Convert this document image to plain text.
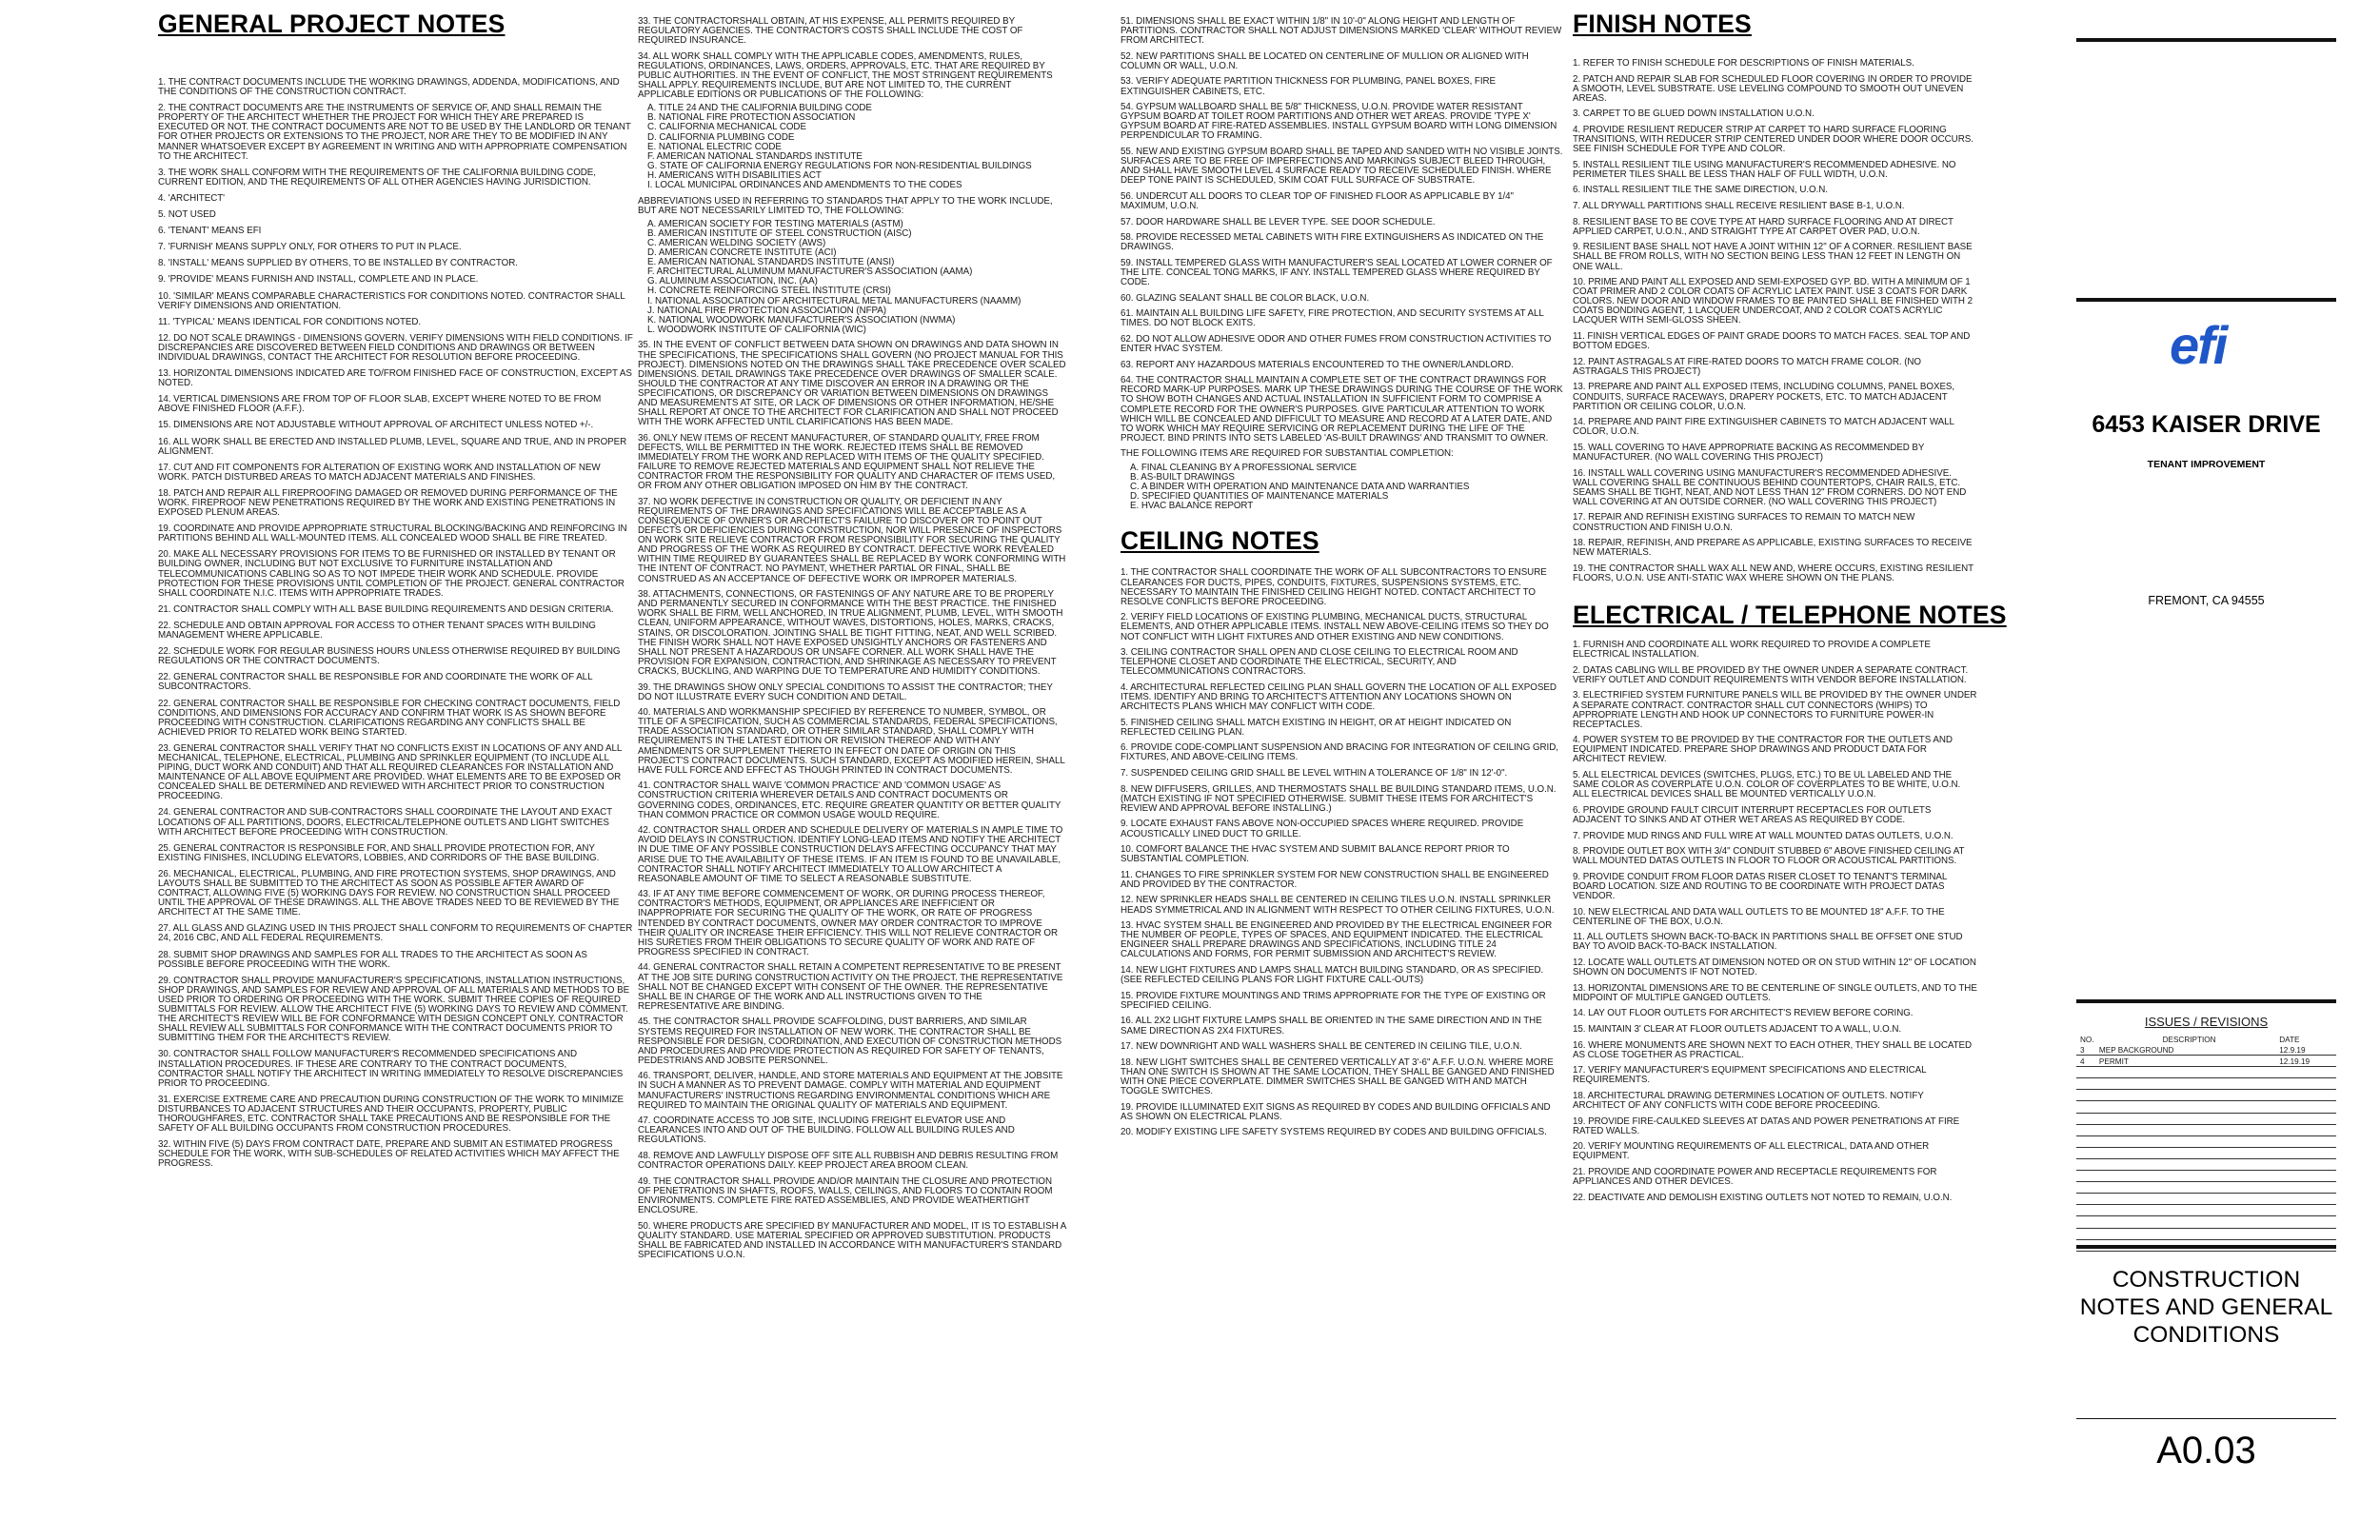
GENERAL PROJECT NOTES
1. THE CONTRACT DOCUMENTS INCLUDE THE WORKING DRAWINGS, ADDENDA, MODIFICATIONS, AND THE CONDITIONS OF THE CONSTRUCTION CONTRACT.
2. THE CONTRACT DOCUMENTS ARE THE INSTRUMENTS OF SERVICE OF, AND SHALL REMAIN THE PROPERTY OF THE ARCHITECT WHETHER THE PROJECT FOR WHICH THEY ARE PREPARED IS EXECUTED OR NOT. THE CONTRACT DOCUMENTS ARE NOT TO BE USED BY THE LANDLORD OR TENANT FOR OTHER PROJECTS OR EXTENSIONS TO THE PROJECT, NOR ARE THEY TO BE MODIFIED IN ANY MANNER WHATSOEVER EXCEPT BY AGREEMENT IN WRITING AND WITH APPROPRIATE COMPENSATION TO THE ARCHITECT.
3. THE WORK SHALL CONFORM WITH THE REQUIREMENTS OF THE CALIFORNIA BUILDING CODE, CURRENT EDITION, AND THE REQUIREMENTS OF ALL OTHER AGENCIES HAVING JURISDICTION.
4. 'ARCHITECT'
5. NOT USED
6. 'TENANT' MEANS EFI
7. 'FURNISH' MEANS SUPPLY ONLY, FOR OTHERS TO PUT IN PLACE.
8. 'INSTALL' MEANS SUPPLIED BY OTHERS, TO BE INSTALLED BY CONTRACTOR.
9. 'PROVIDE' MEANS FURNISH AND INSTALL, COMPLETE AND IN PLACE.
10. 'SIMILAR' MEANS COMPARABLE CHARACTERISTICS FOR CONDITIONS NOTED. CONTRACTOR SHALL VERIFY DIMENSIONS AND ORIENTATION.
11. 'TYPICAL' MEANS IDENTICAL FOR CONDITIONS NOTED.
12. DO NOT SCALE DRAWINGS - DIMENSIONS GOVERN. VERIFY DIMENSIONS WITH FIELD CONDITIONS. IF DISCREPANCIES ARE DISCOVERED BETWEEN FIELD CONDITIONS AND DRAWINGS OR BETWEEN INDIVIDUAL DRAWINGS, CONTACT THE ARCHITECT FOR RESOLUTION BEFORE PROCEEDING.
13. HORIZONTAL DIMENSIONS INDICATED ARE TO/FROM FINISHED FACE OF CONSTRUCTION, EXCEPT AS NOTED.
14. VERTICAL DIMENSIONS ARE FROM TOP OF FLOOR SLAB, EXCEPT WHERE NOTED TO BE FROM ABOVE FINISHED FLOOR (A.F.F.).
15. DIMENSIONS ARE NOT ADJUSTABLE WITHOUT APPROVAL OF ARCHITECT UNLESS NOTED +/-.
16. ALL WORK SHALL BE ERECTED AND INSTALLED PLUMB, LEVEL, SQUARE AND TRUE, AND IN PROPER ALIGNMENT.
17. CUT AND FIT COMPONENTS FOR ALTERATION OF EXISTING WORK AND INSTALLATION OF NEW WORK. PATCH DISTURBED AREAS TO MATCH ADJACENT MATERIALS AND FINISHES.
18. PATCH AND REPAIR ALL FIREPROOFING DAMAGED OR REMOVED DURING PERFORMANCE OF THE WORK. FIREPROOF NEW PENETRATIONS REQUIRED BY THE WORK AND EXISTING PENETRATIONS IN EXPOSED PLENUM AREAS.
19. COORDINATE AND PROVIDE APPROPRIATE STRUCTURAL BLOCKING/BACKING AND REINFORCING IN PARTITIONS BEHIND ALL WALL-MOUNTED ITEMS. ALL CONCEALED WOOD SHALL BE FIRE TREATED.
20. MAKE ALL NECESSARY PROVISIONS FOR ITEMS TO BE FURNISHED OR INSTALLED BY TENANT OR BUILDING OWNER, INCLUDING BUT NOT EXCLUSIVE TO FURNITURE INSTALLATION AND TELECOMMUNICATIONS CABLING SO AS TO NOT IMPEDE THEIR WORK AND SCHEDULE. PROVIDE PROTECTION FOR THESE PROVISIONS UNTIL COMPLETION OF THE PROJECT. GENERAL CONTRACTOR SHALL COORDINATE N.I.C. ITEMS WITH APPROPRIATE TRADES.
21. CONTRACTOR SHALL COMPLY WITH ALL BASE BUILDING REQUIREMENTS AND DESIGN CRITERIA.
22. SCHEDULE AND OBTAIN APPROVAL FOR ACCESS TO OTHER TENANT SPACES WITH BUILDING MANAGEMENT WHERE APPLICABLE.
22. SCHEDULE WORK FOR REGULAR BUSINESS HOURS UNLESS OTHERWISE REQUIRED BY BUILDING REGULATIONS OR THE CONTRACT DOCUMENTS.
22. GENERAL CONTRACTOR SHALL BE RESPONSIBLE FOR AND COORDINATE THE WORK OF ALL SUBCONTRACTORS.
22. GENERAL CONTRACTOR SHALL BE RESPONSIBLE FOR CHECKING CONTRACT DOCUMENTS, FIELD CONDITIONS, AND DIMENSIONS FOR ACCURACY AND CONFIRM THAT WORK IS AS SHOWN BEFORE PROCEEDING WITH CONSTRUCTION. CLARIFICATIONS REGARDING ANY CONFLICTS SHALL BE ACHIEVED PRIOR TO RELATED WORK BEING STARTED.
23. GENERAL CONTRACTOR SHALL VERIFY THAT NO CONFLICTS EXIST IN LOCATIONS OF ANY AND ALL MECHANICAL, TELEPHONE, ELECTRICAL, PLUMBING AND SPRINKLER EQUIPMENT (TO INCLUDE ALL PIPING, DUCT WORK AND CONDUIT) AND THAT ALL REQUIRED CLEARANCES FOR INSTALLATION AND MAINTENANCE OF ALL ABOVE EQUIPMENT ARE PROVIDED. WHAT ELEMENTS ARE TO BE EXPOSED OR CONCEALED SHALL BE DETERMINED AND REVIEWED WITH ARCHITECT PRIOR TO CONSTRUCTION PROCEEDING.
24. GENERAL CONTRACTOR AND SUB-CONTRACTORS SHALL COORDINATE THE LAYOUT AND EXACT LOCATIONS OF ALL PARTITIONS, DOORS, ELECTRICAL/TELEPHONE OUTLETS AND LIGHT SWITCHES WITH ARCHITECT BEFORE PROCEEDING WITH CONSTRUCTION.
25. GENERAL CONTRACTOR IS RESPONSIBLE FOR, AND SHALL PROVIDE PROTECTION FOR, ANY EXISTING FINISHES, INCLUDING ELEVATORS, LOBBIES, AND CORRIDORS OF THE BASE BUILDING.
26. MECHANICAL, ELECTRICAL, PLUMBING, AND FIRE PROTECTION SYSTEMS, SHOP DRAWINGS, AND LAYOUTS SHALL BE SUBMITTED TO THE ARCHITECT AS SOON AS POSSIBLE AFTER AWARD OF CONTRACT, ALLOWING FIVE (5) WORKING DAYS FOR REVIEW. NO CONSTRUCTION SHALL PROCEED UNTIL THE APPROVAL OF THESE DRAWINGS. ALL THE ABOVE TRADES NEED TO BE REVIEWED BY THE ARCHITECT AT THE SAME TIME.
27. ALL GLASS AND GLAZING USED IN THIS PROJECT SHALL CONFORM TO REQUIREMENTS OF CHAPTER 24, 2016 CBC, AND ALL FEDERAL REQUIREMENTS.
28. SUBMIT SHOP DRAWINGS AND SAMPLES FOR ALL TRADES TO THE ARCHITECT AS SOON AS POSSIBLE BEFORE PROCEEDING WITH THE WORK.
29. CONTRACTOR SHALL PROVIDE MANUFACTURER'S SPECIFICATIONS, INSTALLATION INSTRUCTIONS, SHOP DRAWINGS, AND SAMPLES FOR REVIEW AND APPROVAL OF ALL MATERIALS AND METHODS TO BE USED PRIOR TO ORDERING OR PROCEEDING WITH THE WORK. SUBMIT THREE COPIES OF REQUIRED SUBMITTALS FOR REVIEW. ALLOW THE ARCHITECT FIVE (5) WORKING DAYS TO REVIEW AND COMMENT. THE ARCHITECT'S REVIEW WILL BE FOR CONFORMANCE WITH DESIGN CONCEPT ONLY. CONTRACTOR SHALL REVIEW ALL SUBMITTALS FOR CONFORMANCE WITH THE CONTRACT DOCUMENTS PRIOR TO SUBMITTING THEM FOR THE ARCHITECT'S REVIEW.
30. CONTRACTOR SHALL FOLLOW MANUFACTURER'S RECOMMENDED SPECIFICATIONS AND INSTALLATION PROCEDURES. IF THESE ARE CONTRARY TO THE CONTRACT DOCUMENTS, CONTRACTOR SHALL NOTIFY THE ARCHITECT IN WRITING IMMEDIATELY TO RESOLVE DISCREPANCIES PRIOR TO PROCEEDING.
31. EXERCISE EXTREME CARE AND PRECAUTION DURING CONSTRUCTION OF THE WORK TO MINIMIZE DISTURBANCES TO ADJACENT STRUCTURES AND THEIR OCCUPANTS, PROPERTY, PUBLIC THOROUGHFARES, ETC. CONTRACTOR SHALL TAKE PRECAUTIONS AND BE RESPONSIBLE FOR THE SAFETY OF ALL BUILDING OCCUPANTS FROM CONSTRUCTION PROCEDURES.
32. WITHIN FIVE (5) DAYS FROM CONTRACT DATE, PREPARE AND SUBMIT AN ESTIMATED PROGRESS SCHEDULE FOR THE WORK, WITH SUB-SCHEDULES OF RELATED ACTIVITIES WHICH MAY AFFECT THE PROGRESS.
33. THE CONTRACTORSHALL OBTAIN, AT HIS EXPENSE, ALL PERMITS REQUIRED BY REGULATORY AGENCIES. THE CONTRACTOR'S COSTS SHALL INCLUDE THE COST OF REQUIRED INSURANCE.
34. ALL WORK SHALL COMPLY WITH THE APPLICABLE CODES, AMENDMENTS, RULES, REGULATIONS, ORDINANCES, LAWS, ORDERS, APPROVALS, ETC. THAT ARE REQUIRED BY PUBLIC AUTHORITIES. IN THE EVENT OF CONFLICT, THE MOST STRINGENT REQUIREMENTS SHALL APPLY. REQUIREMENTS INCLUDE, BUT ARE NOT LIMITED TO, THE CURRENT APPLICABLE EDITIONS OR PUBLICATIONS OF THE FOLLOWING:
A. TITLE 24 AND THE CALIFORNIA BUILDING CODE
B. NATIONAL FIRE PROTECTION ASSOCIATION
C. CALIFORNIA MECHANICAL CODE
D. CALIFORNIA PLUMBING CODE
E. NATIONAL ELECTRIC CODE
F. AMERICAN NATIONAL STANDARDS INSTITUTE
G. STATE OF CALIFORNIA ENERGY REGULATIONS FOR NON-RESIDENTIAL BUILDINGS
H. AMERICANS WITH DISABILITIES ACT
I. LOCAL MUNICIPAL ORDINANCES AND AMENDMENTS TO THE CODES
ABBREVIATIONS USED IN REFERRING TO STANDARDS THAT APPLY TO THE WORK INCLUDE, BUT ARE NOT NECESSARILY LIMITED TO, THE FOLLOWING:
A. AMERICAN SOCIETY FOR TESTING MATERIALS (ASTM)
B. AMERICAN INSTITUTE OF STEEL CONSTRUCTION (AISC)
C. AMERICAN WELDING SOCIETY (AWS)
D. AMERICAN CONCRETE INSTITUTE (ACI)
E. AMERICAN NATIONAL STANDARDS INSTITUTE (ANSI)
F. ARCHITECTURAL ALUMINUM MANUFACTURER'S ASSOCIATION (AAMA)
G. ALUMINUM ASSOCIATION, INC. (AA)
H. CONCRETE REINFORCING STEEL INSTITUTE (CRSI)
I. NATIONAL ASSOCIATION OF ARCHITECTURAL METAL MANUFACTURERS (NAAMM)
J. NATIONAL FIRE PROTECTION ASSOCIATION (NFPA)
K. NATIONAL WOODWORK MANUFACTURER'S ASSOCIATION (NWMA)
L. WOODWORK INSTITUTE OF CALIFORNIA (WIC)
35. IN THE EVENT OF CONFLICT BETWEEN DATA SHOWN ON DRAWINGS AND DATA SHOWN IN THE SPECIFICATIONS, THE SPECIFICATIONS SHALL GOVERN (NO PROJECT MANUAL FOR THIS PROJECT). DIMENSIONS NOTED ON THE DRAWINGS SHALL TAKE PRECEDENCE OVER SCALED DIMENSIONS. DETAIL DRAWINGS TAKE PRECEDENCE OVER DRAWINGS OF SMALLER SCALE. SHOULD THE CONTRACTOR AT ANY TIME DISCOVER AN ERROR IN A DRAWING OR THE SPECIFICATIONS, OR DISCREPANCY OR VARIATION BETWEEN DIMENSIONS ON DRAWINGS AND MEASUREMENTS AT SITE, OR LACK OF DIMENSIONS OR OTHER INFORMATION, HE/SHE SHALL REPORT AT ONCE TO THE ARCHITECT FOR CLARIFICATION AND SHALL NOT PROCEED WITH THE WORK AFFECTED UNTIL CLARIFICATIONS HAS BEEN MADE.
36. ONLY NEW ITEMS OF RECENT MANUFACTURER, OF STANDARD QUALITY, FREE FROM DEFECTS, WILL BE PERMITTED IN THE WORK. REJECTED ITEMS SHALL BE REMOVED IMMEDIATELY FROM THE WORK AND REPLACED WITH ITEMS OF THE QUALITY SPECIFIED. FAILURE TO REMOVE REJECTED MATERIALS AND EQUIPMENT SHALL NOT RELIEVE THE CONTRACTOR FROM THE RESPONSIBILITY FOR QUALITY AND CHARACTER OF ITEMS USED, OR FROM ANY OTHER OBLIGATION IMPOSED ON HIM BY THE CONTRACT.
37. NO WORK DEFECTIVE IN CONSTRUCTION OR QUALITY, OR DEFICIENT IN ANY REQUIREMENTS OF THE DRAWINGS AND SPECIFICATIONS WILL BE ACCEPTABLE AS A CONSEQUENCE OF OWNER'S OR ARCHITECT'S FAILURE TO DISCOVER OR TO POINT OUT DEFECTS OR DEFICIENCIES DURING CONSTRUCTION, NOR WILL PRESENCE OF INSPECTORS ON WORK SITE RELIEVE CONTRACTOR FROM RESPONSIBILITY FOR SECURING THE QUALITY AND PROGRESS OF THE WORK AS REQUIRED BY CONTRACT. DEFECTIVE WORK REVEALED WITHIN TIME REQUIRED BY GUARANTEES SHALL BE REPLACED BY WORK CONFORMING WITH THE INTENT OF CONTRACT. NO PAYMENT, WHETHER PARTIAL OR FINAL, SHALL BE CONSTRUED AS AN ACCEPTANCE OF DEFECTIVE WORK OR IMPROPER MATERIALS.
38. ATTACHMENTS, CONNECTIONS, OR FASTENINGS OF ANY NATURE ARE TO BE PROPERLY AND PERMANENTLY SECURED IN CONFORMANCE WITH THE BEST PRACTICE. THE FINISHED WORK SHALL BE FIRM, WELL ANCHORED, IN TRUE ALIGNMENT, PLUMB, LEVEL, WITH SMOOTH CLEAN, UNIFORM APPEARANCE, WITHOUT WAVES, DISTORTIONS, HOLES, MARKS, CRACKS, STAINS, OR DISCOLORATION. JOINTING SHALL BE TIGHT FITTING, NEAT, AND WELL SCRIBED. THE FINISH WORK SHALL NOT HAVE EXPOSED UNSIGHTLY ANCHORS OR FASTENERS AND SHALL NOT PRESENT A HAZARDOUS OR UNSAFE CORNER. ALL WORK SHALL HAVE THE PROVISION FOR EXPANSION, CONTRACTION, AND SHRINKAGE AS NECESSARY TO PREVENT CRACKS, BUCKLING, AND WARPING DUE TO TEMPERATURE AND HUMIDITY CONDITIONS.
39. THE DRAWINGS SHOW ONLY SPECIAL CONDITIONS TO ASSIST THE CONTRACTOR; THEY DO NOT ILLUSTRATE EVERY SUCH CONDITION AND DETAIL.
40. MATERIALS AND WORKMANSHIP SPECIFIED BY REFERENCE TO NUMBER, SYMBOL, OR TITLE OF A SPECIFICATION, SUCH AS COMMERCIAL STANDARDS, FEDERAL SPECIFICATIONS, TRADE ASSOCIATION STANDARD, OR OTHER SIMILAR STANDARD, SHALL COMPLY WITH REQUIREMENTS IN THE LATEST EDITION OR REVISION THEREOF AND WITH ANY AMENDMENTS OR SUPPLEMENT THERETO IN EFFECT ON DATE OF ORIGIN ON THIS PROJECT'S CONTRACT DOCUMENTS. SUCH STANDARD, EXCEPT AS MODIFIED HEREIN, SHALL HAVE FULL FORCE AND EFFECT AS THOUGH PRINTED IN CONTRACT DOCUMENTS.
41. CONTRACTOR SHALL WAIVE 'COMMON PRACTICE' AND 'COMMON USAGE' AS CONSTRUCTION CRITERIA WHEREVER DETAILS AND CONTRACT DOCUMENTS OR GOVERNING CODES, ORDINANCES, ETC. REQUIRE GREATER QUANTITY OR BETTER QUALITY THAN COMMON PRACTICE OR COMMON USAGE WOULD REQUIRE.
42. CONTRACTOR SHALL ORDER AND SCHEDULE DELIVERY OF MATERIALS IN AMPLE TIME TO AVOID DELAYS IN CONSTRUCTION. IDENTIFY LONG-LEAD ITEMS AND NOTIFY THE ARCHITECT IN DUE TIME OF ANY POSSIBLE CONSTRUCTION DELAYS AFFECTING OCCUPANCY THAT MAY ARISE DUE TO THE AVAILABILITY OF THESE ITEMS. IF AN ITEM IS FOUND TO BE UNAVAILABLE, CONTRACTOR SHALL NOTIFY ARCHITECT IMMEDIATELY TO ALLOW ARCHITECT A REASONABLE AMOUNT OF TIME TO SELECT A REASONABLE SUBSTITUTE.
43. IF AT ANY TIME BEFORE COMMENCEMENT OF WORK, OR DURING PROCESS THEREOF, CONTRACTOR'S METHODS, EQUIPMENT, OR APPLIANCES ARE INEFFICIENT OR INAPPROPRIATE FOR SECURING THE QUALITY OF THE WORK, OR RATE OF PROGRESS INTENDED BY CONTRACT DOCUMENTS, OWNER MAY ORDER CONTRACTOR TO IMPROVE THEIR QUALITY OR INCREASE THEIR EFFICIENCY. THIS WILL NOT RELIEVE CONTRACTOR OR HIS SURETIES FROM THEIR OBLIGATIONS TO SECURE QUALITY OF WORK AND RATE OF PROGRESS SPECIFIED IN CONTRACT.
44. GENERAL CONTRACTOR SHALL RETAIN A COMPETENT REPRESENTATIVE TO BE PRESENT AT THE JOB SITE DURING CONSTRUCTION ACTIVITY ON THE PROJECT. THE REPRESENTATIVE SHALL NOT BE CHANGED EXCEPT WITH CONSENT OF THE OWNER. THE REPRESENTATIVE SHALL BE IN CHARGE OF THE WORK AND ALL INSTRUCTIONS GIVEN TO THE REPRESENTATIVE ARE BINDING.
45. THE CONTRACTOR SHALL PROVIDE SCAFFOLDING, DUST BARRIERS, AND SIMILAR SYSTEMS REQUIRED FOR INSTALLATION OF NEW WORK. THE CONTRACTOR SHALL BE RESPONSIBLE FOR DESIGN, COORDINATION, AND EXECUTION OF CONSTRUCTION METHODS AND PROCEDURES AND PROVIDE PROTECTION AS REQUIRED FOR SAFETY OF TENANTS, PEDESTRIANS AND JOBSITE PERSONNEL.
46. TRANSPORT, DELIVER, HANDLE, AND STORE MATERIALS AND EQUIPMENT AT THE JOBSITE IN SUCH A MANNER AS TO PREVENT DAMAGE. COMPLY WITH MATERIAL AND EQUIPMENT MANUFACTURERS' INSTRUCTIONS REGARDING ENVIRONMENTAL CONDITIONS WHICH ARE REQUIRED TO MAINTAIN THE ORIGINAL QUALITY OF MATERIALS AND EQUIPMENT.
47. COORDINATE ACCESS TO JOB SITE, INCLUDING FREIGHT ELEVATOR USE AND CLEARANCES INTO AND OUT OF THE BUILDING. FOLLOW ALL BUILDING RULES AND REGULATIONS.
48. REMOVE AND LAWFULLY DISPOSE OFF SITE ALL RUBBISH AND DEBRIS RESULTING FROM CONTRACTOR OPERATIONS DAILY. KEEP PROJECT AREA BROOM CLEAN.
49. THE CONTRACTOR SHALL PROVIDE AND/OR MAINTAIN THE CLOSURE AND PROTECTION OF PENETRATIONS IN SHAFTS, ROOFS, WALLS, CEILINGS, AND FLOORS TO CONTAIN ROOM ENVIRONMENTS. COMPLETE FIRE RATED ASSEMBLIES, AND PROVIDE WEATHERTIGHT ENCLOSURE.
50. WHERE PRODUCTS ARE SPECIFIED BY MANUFACTURER AND MODEL, IT IS TO ESTABLISH A QUALITY STANDARD. USE MATERIAL SPECIFIED OR APPROVED SUBSTITUTION. PRODUCTS SHALL BE FABRICATED AND INSTALLED IN ACCORDANCE WITH MANUFACTURER'S STANDARD SPECIFICATIONS U.O.N.
51. DIMENSIONS SHALL BE EXACT WITHIN 1/8" IN 10'-0" ALONG HEIGHT AND LENGTH OF PARTITIONS. CONTRACTOR SHALL NOT ADJUST DIMENSIONS MARKED 'CLEAR' WITHOUT REVIEW FROM ARCHITECT.
52. NEW PARTITIONS SHALL BE LOCATED ON CENTERLINE OF MULLION OR ALIGNED WITH COLUMN OR WALL, U.O.N.
53. VERIFY ADEQUATE PARTITION THICKNESS FOR PLUMBING, PANEL BOXES, FIRE EXTINGUISHER CABINETS, ETC.
54. GYPSUM WALLBOARD SHALL BE 5/8" THICKNESS, U.O.N. PROVIDE WATER RESISTANT GYPSUM BOARD AT TOILET ROOM PARTITIONS AND OTHER WET AREAS. PROVIDE 'TYPE X' GYPSUM BOARD AT FIRE-RATED ASSEMBLIES. INSTALL GYPSUM BOARD WITH LONG DIMENSION PERPENDICULAR TO FRAMING.
55. NEW AND EXISTING GYPSUM BOARD SHALL BE TAPED AND SANDED WITH NO VISIBLE JOINTS. SURFACES ARE TO BE FREE OF IMPERFECTIONS AND MARKINGS SUBJECT BLEED THROUGH, AND SHALL HAVE SMOOTH LEVEL 4 SURFACE READY TO RECEIVE SCHEDULED FINISH. WHERE DEEP TONE PAINT IS SCHEDULED, SKIM COAT FULL SURFACE OF SUBSTRATE.
56. UNDERCUT ALL DOORS TO CLEAR TOP OF FINISHED FLOOR AS APPLICABLE BY 1/4" MAXIMUM, U.O.N.
57. DOOR HARDWARE SHALL BE LEVER TYPE. SEE DOOR SCHEDULE.
58. PROVIDE RECESSED METAL CABINETS WITH FIRE EXTINGUISHERS AS INDICATED ON THE DRAWINGS.
59. INSTALL TEMPERED GLASS WITH MANUFACTURER'S SEAL LOCATED AT LOWER CORNER OF THE LITE. CONCEAL TONG MARKS, IF ANY. INSTALL TEMPERED GLASS WHERE REQUIRED BY CODE.
60. GLAZING SEALANT SHALL BE COLOR BLACK, U.O.N.
61. MAINTAIN ALL BUILDING LIFE SAFETY, FIRE PROTECTION, AND SECURITY SYSTEMS AT ALL TIMES. DO NOT BLOCK EXITS.
62. DO NOT ALLOW ADHESIVE ODOR AND OTHER FUMES FROM CONSTRUCTION ACTIVITIES TO ENTER HVAC SYSTEM.
63. REPORT ANY HAZARDOUS MATERIALS ENCOUNTERED TO THE OWNER/LANDLORD.
64. THE CONTRACTOR SHALL MAINTAIN A COMPLETE SET OF THE CONTRACT DRAWINGS FOR RECORD MARK-UP PURPOSES. MARK UP THESE DRAWINGS DURING THE COURSE OF THE WORK TO SHOW BOTH CHANGES AND ACTUAL INSTALLATION IN SUFFICIENT FORM TO COMPRISE A COMPLETE RECORD FOR THE OWNER'S PURPOSES. GIVE PARTICULAR ATTENTION TO WORK WHICH WILL BE CONCEALED AND DIFFICULT TO MEASURE AND RECORD AT A LATER DATE, AND TO WORK WHICH MAY REQUIRE SERVICING OR REPLACEMENT DURING THE LIFE OF THE PROJECT. BIND PRINTS INTO SETS LABELED 'AS-BUILT DRAWINGS' AND TRANSMIT TO OWNER.
THE FOLLOWING ITEMS ARE REQUIRED FOR SUBSTANTIAL COMPLETION:
A. FINAL CLEANING BY A PROFESSIONAL SERVICE
B. AS-BUILT DRAWINGS
C. A BINDER WITH OPERATION AND MAINTENANCE DATA AND WARRANTIES
D. SPECIFIED QUANTITIES OF MAINTENANCE MATERIALS
E. HVAC BALANCE REPORT
CEILING NOTES
1. THE CONTRACTOR SHALL COORDINATE THE WORK OF ALL SUBCONTRACTORS TO ENSURE CLEARANCES FOR DUCTS, PIPES, CONDUITS, FIXTURES, SUSPENSIONS SYSTEMS, ETC. NECESSARY TO MAINTAIN THE FINISHED CEILING HEIGHT NOTED. CONTACT ARCHITECT TO RESOLVE CONFLICTS BEFORE PROCEEDING.
2. VERIFY FIELD LOCATIONS OF EXISTING PLUMBING, MECHANICAL DUCTS, STRUCTURAL ELEMENTS, AND OTHER APPLICABLE ITEMS. INSTALL NEW ABOVE-CEILING ITEMS SO THEY DO NOT CONFLICT WITH LIGHT FIXTURES AND OTHER EXISTING AND NEW CONDITIONS.
3. CEILING CONTRACTOR SHALL OPEN AND CLOSE CEILING TO ELECTRICAL ROOM AND TELEPHONE CLOSET AND COORDINATE THE ELECTRICAL, SECURITY, AND TELECOMMUNICATIONS CONTRACTORS.
4. ARCHITECTURAL REFLECTED CEILING PLAN SHALL GOVERN THE LOCATION OF ALL EXPOSED ITEMS. IDENTIFY AND BRING TO ARCHITECT'S ATTENTION ANY LOCATIONS SHOWN ON ARCHITECTS PLANS WHICH MAY CONFLICT WITH CODE.
5. FINISHED CEILING SHALL MATCH EXISTING IN HEIGHT, OR AT HEIGHT INDICATED ON REFLECTED CEILING PLAN.
6. PROVIDE CODE-COMPLIANT SUSPENSION AND BRACING FOR INTEGRATION OF CEILING GRID, FIXTURES, AND ABOVE-CEILING ITEMS.
7. SUSPENDED CEILING GRID SHALL BE LEVEL WITHIN A TOLERANCE OF 1/8" IN 12'-0".
8. NEW DIFFUSERS, GRILLES, AND THERMOSTATS SHALL BE BUILDING STANDARD ITEMS, U.O.N. (MATCH EXISTING IF NOT SPECIFIED OTHERWISE. SUBMIT THESE ITEMS FOR ARCHITECT'S REVIEW AND APPROVAL BEFORE INSTALLING.)
9. LOCATE EXHAUST FANS ABOVE NON-OCCUPIED SPACES WHERE REQUIRED. PROVIDE ACOUSTICALLY LINED DUCT TO GRILLE.
10. COMFORT BALANCE THE HVAC SYSTEM AND SUBMIT BALANCE REPORT PRIOR TO SUBSTANTIAL COMPLETION.
11. CHANGES TO FIRE SPRINKLER SYSTEM FOR NEW CONSTRUCTION SHALL BE ENGINEERED AND PROVIDED BY THE CONTRACTOR.
12. NEW SPRINKLER HEADS SHALL BE CENTERED IN CEILING TILES U.O.N. INSTALL SPRINKLER HEADS SYMMETRICAL AND IN ALIGNMENT WITH RESPECT TO OTHER CEILING FIXTURES, U.O.N.
13. HVAC SYSTEM SHALL BE ENGINEERED AND PROVIDED BY THE ELECTRICAL ENGINEER FOR THE NUMBER OF PEOPLE, TYPES OF SPACES, AND EQUIPMENT INDICATED. THE ELECTRICAL ENGINEER SHALL PREPARE DRAWINGS AND SPECIFICATIONS, INCLUDING TITLE 24 CALCULATIONS AND FORMS, FOR PERMIT SUBMISSION AND ARCHITECT'S REVIEW.
14. NEW LIGHT FIXTURES AND LAMPS SHALL MATCH BUILDING STANDARD, OR AS SPECIFIED. (SEE REFLECTED CEILING PLANS FOR LIGHT FIXTURE CALL-OUTS)
15. PROVIDE FIXTURE MOUNTINGS AND TRIMS APPROPRIATE FOR THE TYPE OF EXISTING OR SPECIFIED CEILING.
16. ALL 2X2 LIGHT FIXTURE LAMPS SHALL BE ORIENTED IN THE SAME DIRECTION AND IN THE SAME DIRECTION AS 2X4 FIXTURES.
17. NEW DOWNRIGHT AND WALL WASHERS SHALL BE CENTERED IN CEILING TILE, U.O.N.
18. NEW LIGHT SWITCHES SHALL BE CENTERED VERTICALLY AT 3'-6" A.F.F. U.O.N. WHERE MORE THAN ONE SWITCH IS SHOWN AT THE SAME LOCATION, THEY SHALL BE GANGED AND FINISHED WITH ONE PIECE COVERPLATE. DIMMER SWITCHES SHALL BE GANGED WITH AND MATCH TOGGLE SWITCHES.
19. PROVIDE ILLUMINATED EXIT SIGNS AS REQUIRED BY CODES AND BUILDING OFFICIALS AND AS SHOWN ON ELECTRICAL PLANS.
20. MODIFY EXISTING LIFE SAFETY SYSTEMS REQUIRED BY CODES AND BUILDING OFFICIALS.
FINISH NOTES
1. REFER TO FINISH SCHEDULE FOR DESCRIPTIONS OF FINISH MATERIALS.
2. PATCH AND REPAIR SLAB FOR SCHEDULED FLOOR COVERING IN ORDER TO PROVIDE A SMOOTH, LEVEL SUBSTRATE. USE LEVELING COMPOUND TO SMOOTH OUT UNEVEN AREAS.
3. CARPET TO BE GLUED DOWN INSTALLATION U.O.N.
4. PROVIDE RESILIENT REDUCER STRIP AT CARPET TO HARD SURFACE FLOORING TRANSITIONS, WITH REDUCER STRIP CENTERED UNDER DOOR WHERE DOOR OCCURS. SEE FINISH SCHEDULE FOR TYPE AND COLOR.
5. INSTALL RESILIENT TILE USING MANUFACTURER'S RECOMMENDED ADHESIVE. NO PERIMETER TILES SHALL BE LESS THAN HALF OF FULL WIDTH, U.O.N.
6. INSTALL RESILIENT TILE THE SAME DIRECTION, U.O.N.
7. ALL DRYWALL PARTITIONS SHALL RECEIVE RESILIENT BASE B-1, U.O.N.
8. RESILIENT BASE TO BE COVE TYPE AT HARD SURFACE FLOORING AND AT DIRECT APPLIED CARPET, U.O.N., AND STRAIGHT TYPE AT CARPET OVER PAD, U.O.N.
9. RESILIENT BASE SHALL NOT HAVE A JOINT WITHIN 12" OF A CORNER. RESILIENT BASE SHALL BE FROM ROLLS, WITH NO SECTION BEING LESS THAN 12 FEET IN LENGTH ON ONE WALL.
10. PRIME AND PAINT ALL EXPOSED AND SEMI-EXPOSED GYP. BD. WITH A MINIMUM OF 1 COAT PRIMER AND 2 COLOR COATS OF ACRYLIC LATEX PAINT. USE 3 COATS FOR DARK COLORS. NEW DOOR AND WINDOW FRAMES TO BE PAINTED SHALL BE FINISHED WITH 2 COATS BONDING AGENT, 1 LACQUER UNDERCOAT, AND 2 COLOR COATS ACRYLIC LACQUER WITH SEMI-GLOSS SHEEN.
11. FINISH VERTICAL EDGES OF PAINT GRADE DOORS TO MATCH FACES. SEAL TOP AND BOTTOM EDGES.
12. PAINT ASTRAGALS AT FIRE-RATED DOORS TO MATCH FRAME COLOR. (NO ASTRAGALS THIS PROJECT)
13. PREPARE AND PAINT ALL EXPOSED ITEMS, INCLUDING COLUMNS, PANEL BOXES, CONDUITS, SURFACE RACEWAYS, DRAPERY POCKETS, ETC. TO MATCH ADJACENT PARTITION OR CEILING COLOR, U.O.N.
14. PREPARE AND PAINT FIRE EXTINGUISHER CABINETS TO MATCH ADJACENT WALL COLOR, U.O.N.
15. WALL COVERING TO HAVE APPROPRIATE BACKING AS RECOMMENDED BY MANUFACTURER. (NO WALL COVERING THIS PROJECT)
16. INSTALL WALL COVERING USING MANUFACTURER'S RECOMMENDED ADHESIVE. WALL COVERING SHALL BE CONTINUOUS BEHIND COUNTERTOPS, CHAIR RAILS, ETC. SEAMS SHALL BE TIGHT, NEAT, AND NOT LESS THAN 12" FROM CORNERS. DO NOT END WALL COVERING AT AN OUTSIDE CORNER. (NO WALL COVERING THIS PROJECT)
17. REPAIR AND REFINISH EXISTING SURFACES TO REMAIN TO MATCH NEW CONSTRUCTION AND FINISH U.O.N.
18. REPAIR, REFINISH, AND PREPARE AS APPLICABLE, EXISTING SURFACES TO RECEIVE NEW MATERIALS.
19. THE CONTRACTOR SHALL WAX ALL NEW AND, WHERE OCCURS, EXISTING RESILIENT FLOORS, U.O.N. USE ANTI-STATIC WAX WHERE SHOWN ON THE PLANS.
ELECTRICAL / TELEPHONE NOTES
1. FURNISH AND COORDINATE ALL WORK REQUIRED TO PROVIDE A COMPLETE ELECTRICAL INSTALLATION.
2. DATAS CABLING WILL BE PROVIDED BY THE OWNER UNDER A SEPARATE CONTRACT. VERIFY OUTLET AND CONDUIT REQUIREMENTS WITH VENDOR BEFORE INSTALLATION.
3. ELECTRIFIED SYSTEM FURNITURE PANELS WILL BE PROVIDED BY THE OWNER UNDER A SEPARATE CONTRACT. CONTRACTOR SHALL CUT CONNECTORS (WHIPS) TO APPROPRIATE LENGTH AND HOOK UP CONNECTORS TO FURNITURE POWER-IN RECEPTACLES.
4. POWER SYSTEM TO BE PROVIDED BY THE CONTRACTOR FOR THE OUTLETS AND EQUIPMENT INDICATED. PREPARE SHOP DRAWINGS AND PRODUCT DATA FOR ARCHITECT REVIEW.
5. ALL ELECTRICAL DEVICES (SWITCHES, PLUGS, ETC.) TO BE UL LABELED AND THE SAME COLOR AS COVERPLATE U.O.N. COLOR OF COVERPLATES TO BE WHITE, U.O.N. ALL ELECTRICAL DEVICES SHALL BE MOUNTED VERTICALLY U.O.N.
6. PROVIDE GROUND FAULT CIRCUIT INTERRUPT RECEPTACLES FOR OUTLETS ADJACENT TO SINKS AND AT OTHER WET AREAS AS REQUIRED BY CODE.
7. PROVIDE MUD RINGS AND FULL WIRE AT WALL MOUNTED DATAS OUTLETS, U.O.N.
8. PROVIDE OUTLET BOX WITH 3/4" CONDUIT STUBBED 6" ABOVE FINISHED CEILING AT WALL MOUNTED DATAS OUTLETS IN FLOOR TO FLOOR OR ACOUSTICAL PARTITIONS.
9. PROVIDE CONDUIT FROM FLOOR DATAS RISER CLOSET TO TENANT'S TERMINAL BOARD LOCATION. SIZE AND ROUTING TO BE COORDINATE WITH PROJECT DATAS VENDOR.
10. NEW ELECTRICAL AND DATA WALL OUTLETS TO BE MOUNTED 18" A.F.F. TO THE CENTERLINE OF THE BOX, U.O.N.
11. ALL OUTLETS SHOWN BACK-TO-BACK IN PARTITIONS SHALL BE OFFSET ONE STUD BAY TO AVOID BACK-TO-BACK INSTALLATION.
12. LOCATE WALL OUTLETS AT DIMENSION NOTED OR ON STUD WITHIN 12" OF LOCATION SHOWN ON DOCUMENTS IF NOT NOTED.
13. HORIZONTAL DIMENSIONS ARE TO BE CENTERLINE OF SINGLE OUTLETS, AND TO THE MIDPOINT OF MULTIPLE GANGED OUTLETS.
14. LAY OUT FLOOR OUTLETS FOR ARCHITECT'S REVIEW BEFORE CORING.
15. MAINTAIN 3' CLEAR AT FLOOR OUTLETS ADJACENT TO A WALL, U.O.N.
16. WHERE MONUMENTS ARE SHOWN NEXT TO EACH OTHER, THEY SHALL BE LOCATED AS CLOSE TOGETHER AS PRACTICAL.
17. VERIFY MANUFACTURER'S EQUIPMENT SPECIFICATIONS AND ELECTRICAL REQUIREMENTS.
18. ARCHITECTURAL DRAWING DETERMINES LOCATION OF OUTLETS. NOTIFY ARCHITECT OF ANY CONFLICTS WITH CODE BEFORE PROCEEDING.
19. PROVIDE FIRE-CAULKED SLEEVES AT DATAS AND POWER PENETRATIONS AT FIRE RATED WALLS.
20. VERIFY MOUNTING REQUIREMENTS OF ALL ELECTRICAL, DATA AND OTHER EQUIPMENT.
21. PROVIDE AND COORDINATE POWER AND RECEPTACLE REQUIREMENTS FOR APPLIANCES AND OTHER DEVICES.
22. DEACTIVATE AND DEMOLISH EXISTING OUTLETS NOT NOTED TO REMAIN, U.O.N.
efi
6453 KAISER DRIVE
TENANT IMPROVEMENT
FREMONT, CA 94555
ISSUES / REVISIONS
NO.	DESCRIPTION	DATE
3	MEP BACKGROUND	12.9.19
4	PERMIT	12.19.19
CONSTRUCTION NOTES AND GENERAL CONDITIONS
A0.03
